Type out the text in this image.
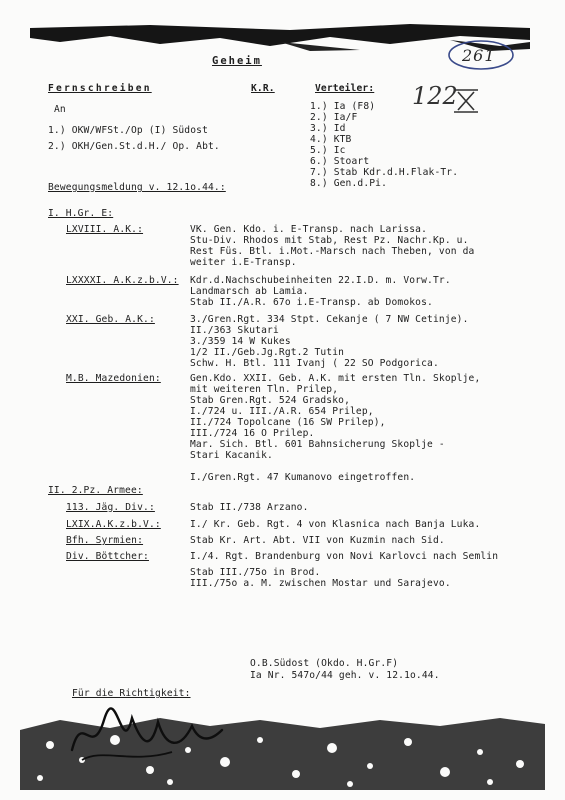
Geheim	261
Fernschreiben	K.R.	Verteiler: 122
An
1.) OKW/WFSt./Op (I) Südost
2.) OKH/Gen.St.d.H./ Op. Abt.
1.) Ia (F8)
2.) Ia/F
3.) Id
4.) KTB
5.) Ic
6.) Stoart
7.) Stab Kdr.d.H.Flak-Tr.
8.) Gen.d.Pi.
Bewegungsmeldung v. 12.1o.44.:
I. H.Gr. E:
LXVIII. A.K.:	VK. Gen. Kdo. i. E-Transp. nach Larissa.
Stu-Div. Rhodos mit Stab, Rest Pz. Nachr.Kp. u.
Rest Füs. Btl. i.Mot.-Marsch nach Theben, von da
weiter i.E-Transp.
LXXXXI. A.K.z.b.V.: Kdr.d.Nachschubeinheiten 22.I.D. m. Vorw.Tr.
Landmarsch ab Lamia.
Stab II./A.R. 67o i.E-Transp. ab Domokos.
XXI. Geb. A.K.:	3./Gren.Rgt. 334 Stpt. Cekanje ( 7 NW Cetinje).
II./363 Skutari
3./359 14 W Kukes
1/2 II./Geb.Jg.Rgt.2 Tutin
Schw. H. Btl. 111 Ivanj ( 22 SO Podgorica.
M.B. Mazedonien:	Gen.Kdo. XXII. Geb. A.K. mit ersten Tln. Skoplje,
mit weiteren Tln. Prilep,
Stab Gren.Rgt. 524 Gradsko,
I./724 u. III./A.R. 654 Prilep,
II./724 Topolcane (16 SW Prilep),
III./724 16 O Prilep.
Mar. Sich. Btl. 601 Bahnsicherung Skoplje -
Stari Kacanik.
I./Gren.Rgt. 47 Kumanovo eingetroffen.
II. 2.Pz. Armee:
113. Jäg. Div.:	Stab II./738 Arzano.
LXIX.A.K.z.b.V.:	I./ Kr. Geb. Rgt. 4 von Klasnica nach Banja Luka.
Bfh. Syrmien:	Stab Kr. Art. Abt. VII von Kuzmin nach Sid.
Div. Böttcher:	I./4. Rgt. Brandenburg von Novi Karlovci nach Semlin
Stab III./75o in Brod.
III./75o a. M. zwischen Mostar und Sarajevo.
O.B.Südost (Okdo. H.Gr.F)
Ia Nr. 547o/44 geh. v. 12.1o.44.
Für die Richtigkeit:
